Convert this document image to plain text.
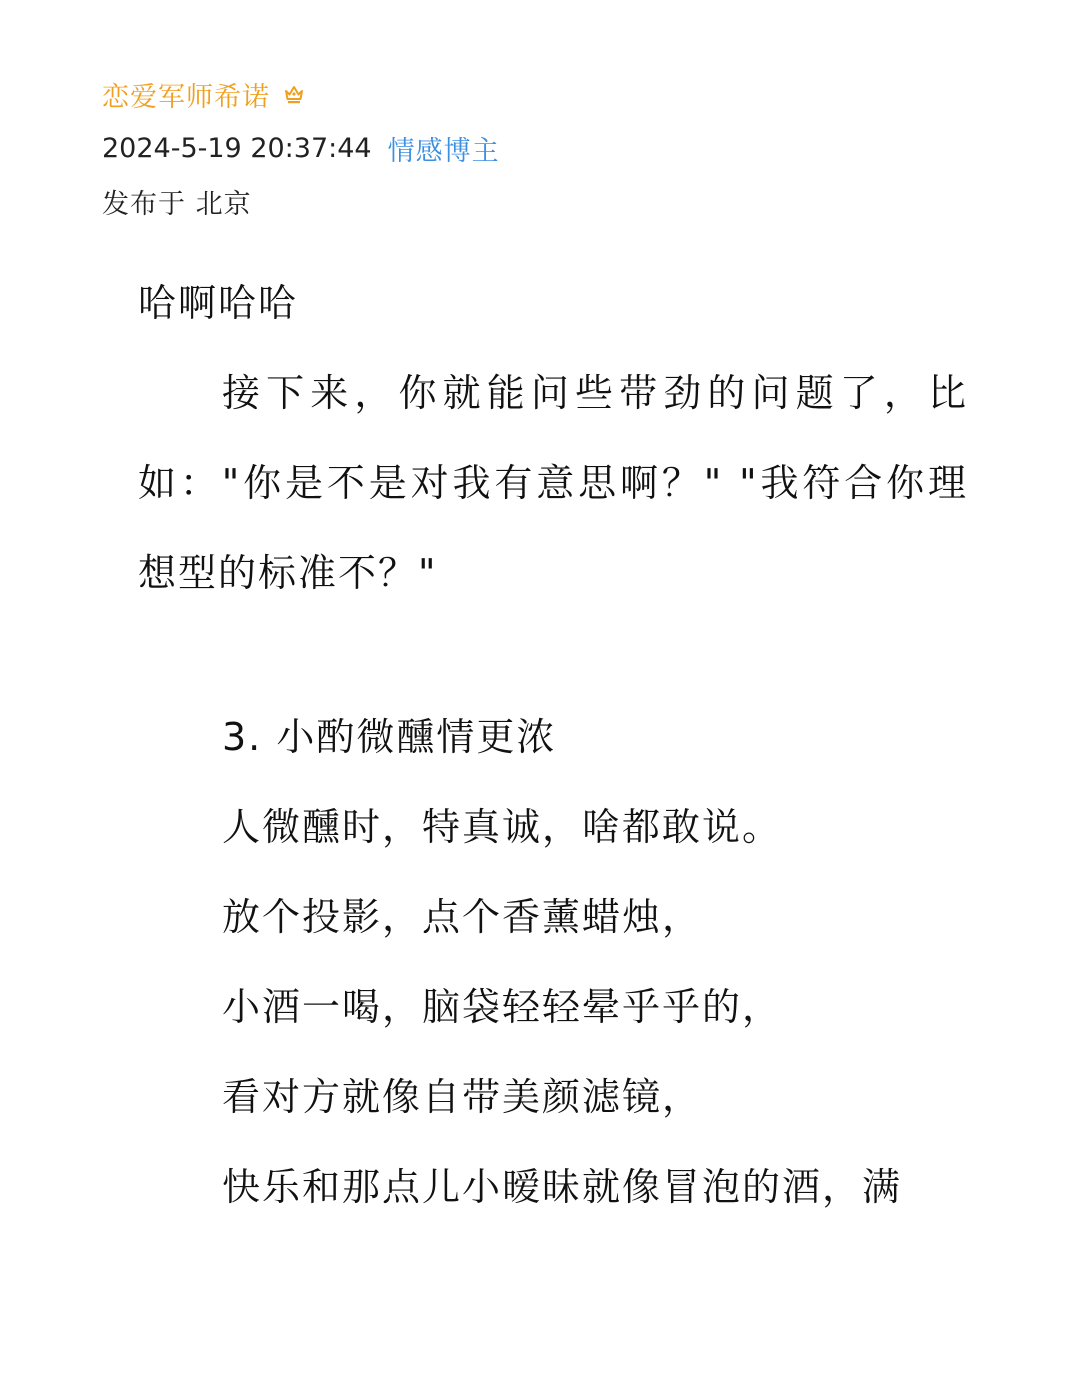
恋爱军师希诺
2024-5-19 20:37:44 情感博主
发布于 北京

哈啊哈哈

接下来，你就能问些带劲的问题了，比如："你是不是对我有意思啊？" "我符合你理想型的标准不？"

3. 小酌微醺情更浓

人微醺时，特真诚，啥都敢说。

放个投影，点个香薰蜡烛，

小酒一喝，脑袋轻轻晕乎乎的，

看对方就像自带美颜滤镜，

快乐和那点儿小暧昧就像冒泡的酒，满
